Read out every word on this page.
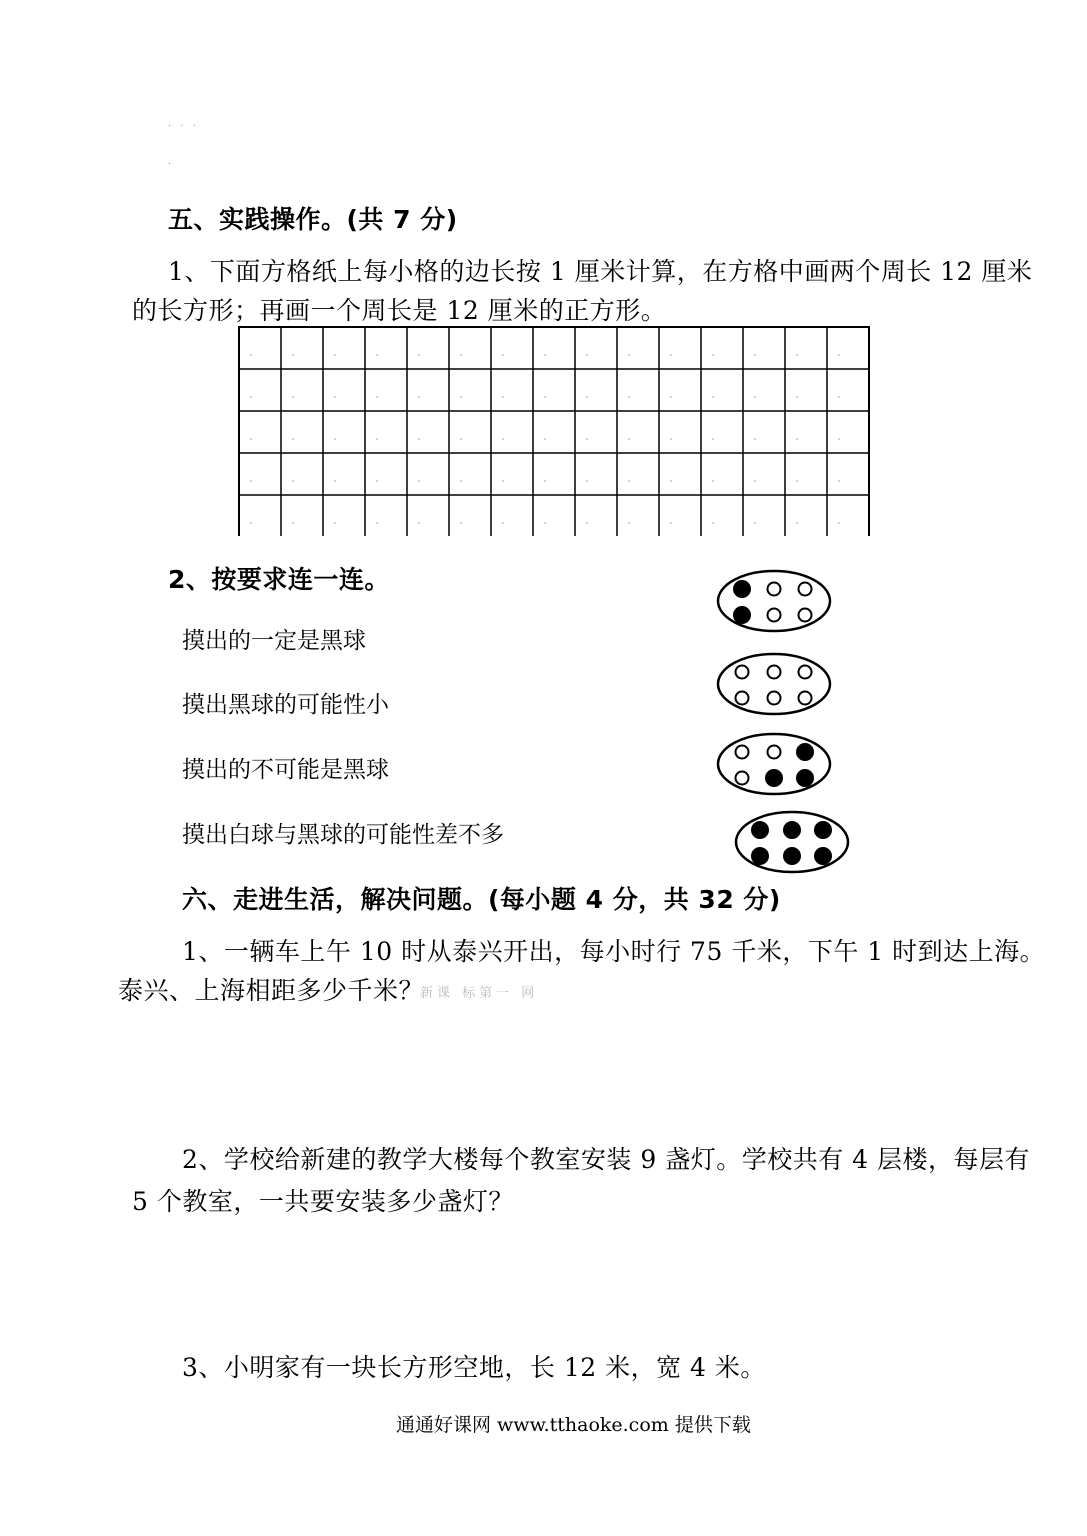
. . .
.
五、实践操作。(共 7 分)
1、下面方格纸上每小格的边长按 1 厘米计算，在方格中画两个周长 12 厘米
的长方形；再画一个周长是 12 厘米的正方形。
2、按要求连一连。
摸出的一定是黑球
摸出黑球的可能性小
摸出的不可能是黑球
摸出白球与黑球的可能性差不多
六、走进生活，解决问题。(每小题 4 分，共 32 分)
1、一辆车上午 10 时从泰兴开出，每小时行 75 千米，下午 1 时到达上海。
泰兴、上海相距多少千米？
新课 标第一 网
2、学校给新建的教学大楼每个教室安装 9 盏灯。学校共有 4 层楼，每层有
5 个教室，一共要安装多少盏灯？
3、小明家有一块长方形空地，长 12 米，宽 4 米。
通通好课网 www.tthaoke.com 提供下载
